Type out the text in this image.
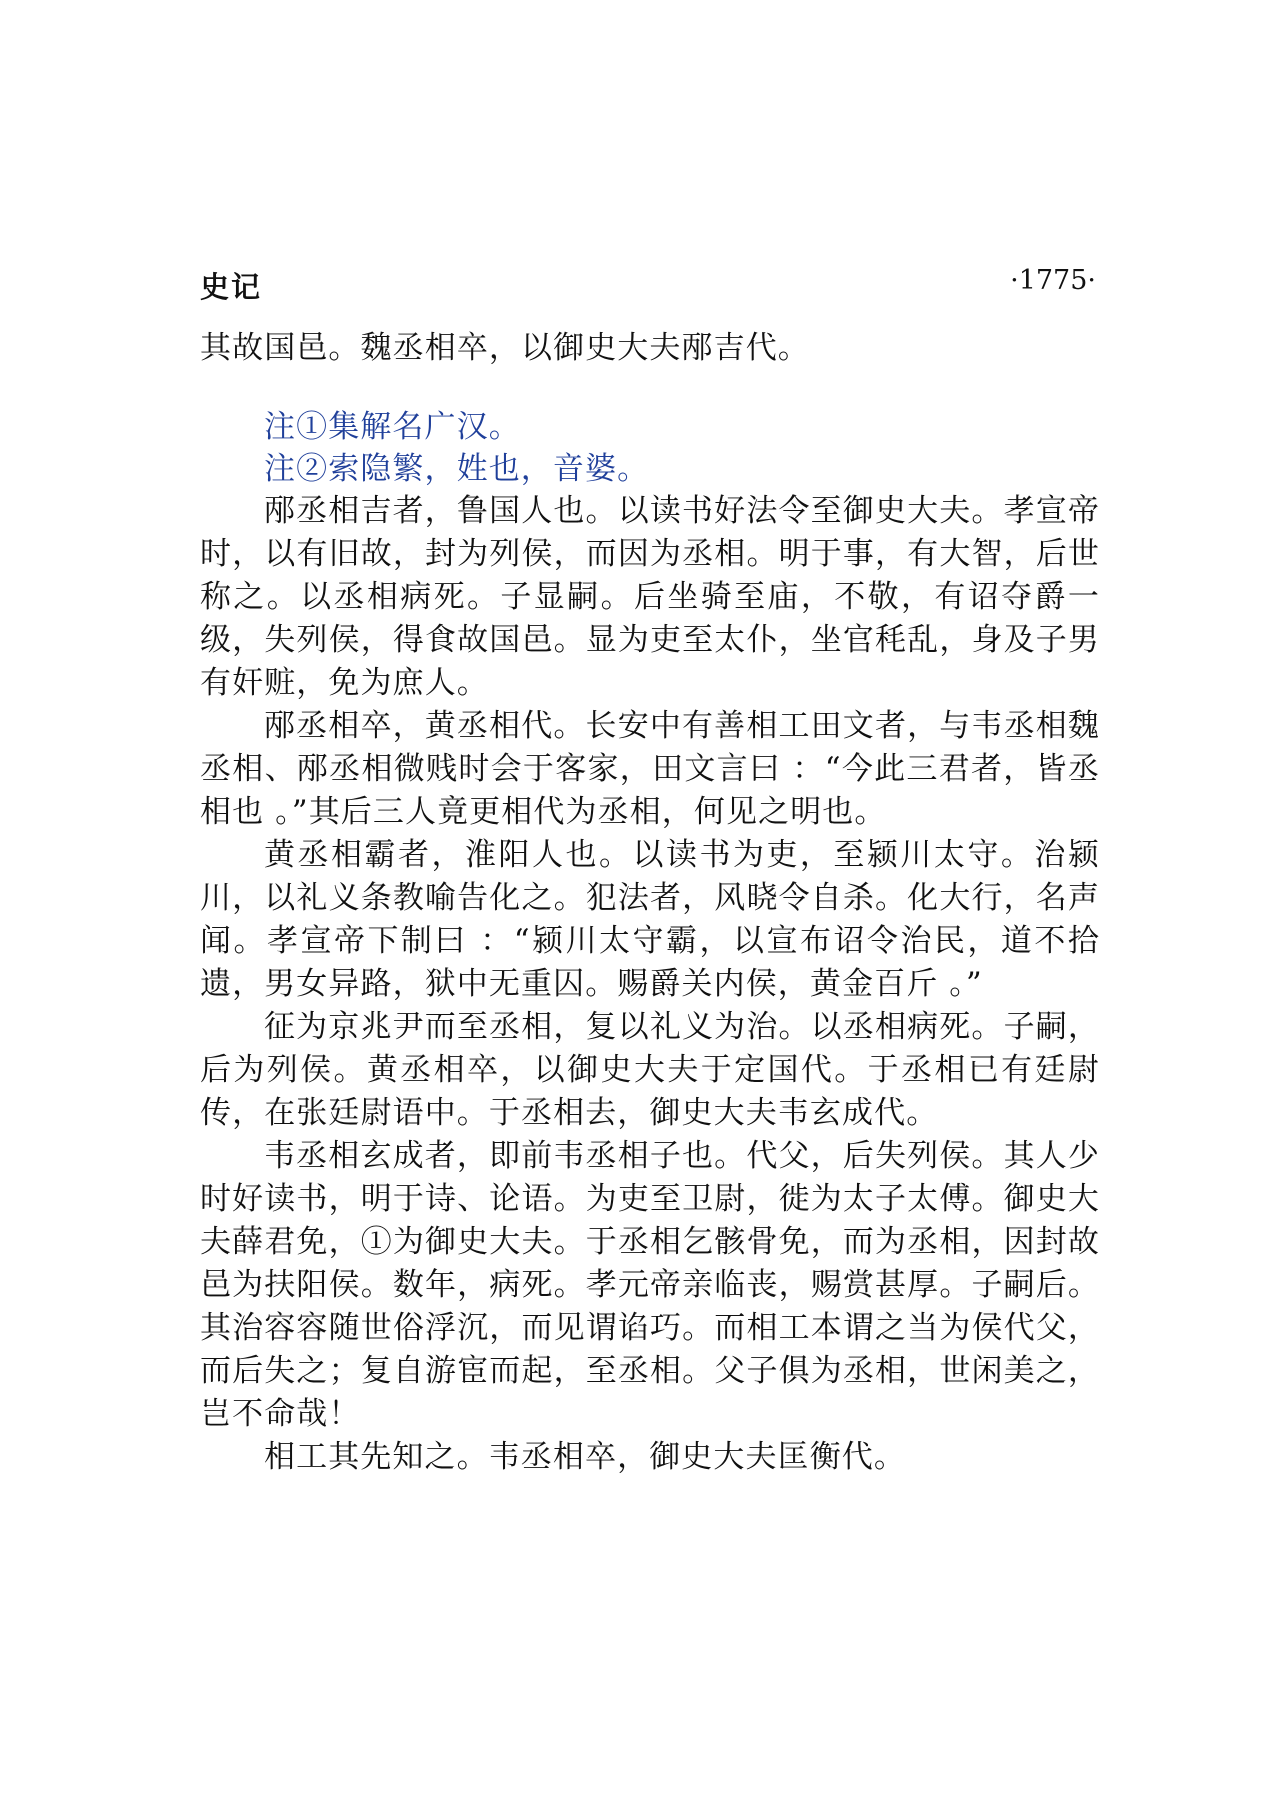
史记	·1775·

其故国邑。魏丞相卒，以御史大夫邴吉代。

注①集解名广汉。

注②索隐繁，姓也，音婆。

邴丞相吉者，鲁国人也。以读书好法令至御史大夫。孝宣帝时，以有旧故，封为列侯，而因为丞相。明于事，有大智，后世称之。以丞相病死。子显嗣。后坐骑至庙，不敬，有诏夺爵一级，失列侯，得食故国邑。显为吏至太仆，坐官秏乱，身及子男有奸赃，免为庶人。

邴丞相卒，黄丞相代。长安中有善相工田文者，与韦丞相魏丞相、邴丞相微贱时会于客家，田文言曰 ：“今此三君者，皆丞相也 。”其后三人竟更相代为丞相，何见之明也。

黄丞相霸者，淮阳人也。以读书为吏，至颍川太守。治颍川，以礼义条教喻告化之。犯法者，风晓令自杀。化大行，名声闻。孝宣帝下制曰 ：“颍川太守霸，以宣布诏令治民，道不拾遗，男女异路，狱中无重囚。赐爵关内侯，黄金百斤 。”

征为京兆尹而至丞相，复以礼义为治。以丞相病死。子嗣，后为列侯。黄丞相卒，以御史大夫于定国代。于丞相已有廷尉传，在张廷尉语中。于丞相去，御史大夫韦玄成代。

韦丞相玄成者，即前韦丞相子也。代父，后失列侯。其人少时好读书，明于诗、论语。为吏至卫尉，徙为太子太傅。御史大夫薛君免，①为御史大夫。于丞相乞骸骨免，而为丞相，因封故邑为扶阳侯。数年，病死。孝元帝亲临丧，赐赏甚厚。子嗣后。其治容容随世俗浮沉，而见谓谄巧。而相工本谓之当为侯代父，而后失之；复自游宦而起，至丞相。父子俱为丞相，世闲美之，岂不命哉！

相工其先知之。韦丞相卒，御史大夫匡衡代。
